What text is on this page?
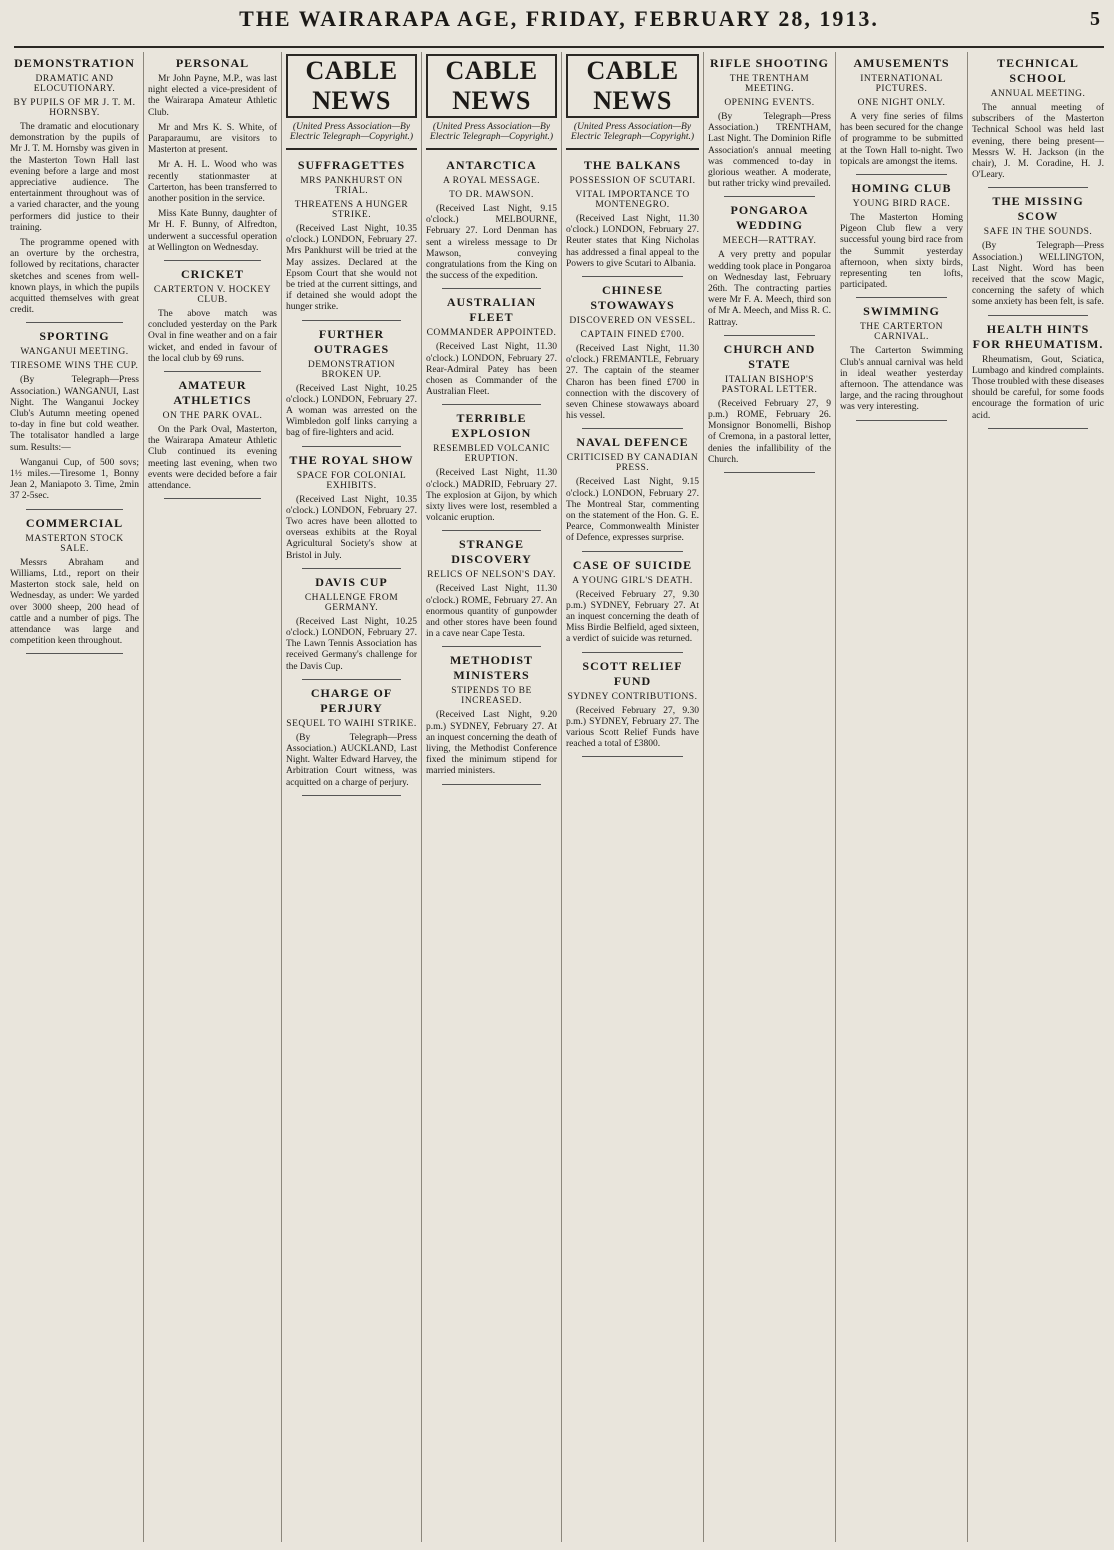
THE WAIRARAPA AGE, FRIDAY, FEBRUARY 28, 1913.	5
DEMONSTRATION
DRAMATIC AND ELOCUTIONARY.
BY PUPILS OF MR J. T. M. HORNSBY.

The dramatic and elocutionary demonstration by the pupils of Mr J. T. M. Hornsby was given in the Masterton Town Hall last evening before a large and most appreciative audience. The entertainment throughout was of a varied character, and the young performers did justice to their training.

The programme opened with an overture by the orchestra, followed by recitations, character sketches and scenes from well-known plays, in which the pupils acquitted themselves with great credit.

SPORTING
WANGANUI MEETING.
TIRESOME WINS THE CUP.

(By Telegraph—Press Association.) WANGANUI, Last Night. The Wanganui Jockey Club's Autumn meeting opened to-day in fine but cold weather. The totalisator handled a large sum. Results:—

Wanganui Cup, of 500 sovs; 1½ miles.—Tiresome 1, Bonny Jean 2, Maniapoto 3. Time, 2min 37 2-5sec.

COMMERCIAL
MASTERTON STOCK SALE.

Messrs Abraham and Williams, Ltd., report on their Masterton stock sale, held on Wednesday, as under: We yarded over 3000 sheep, 200 head of cattle and a number of pigs. The attendance was large and competition keen throughout.

PERSONAL

Mr John Payne, M.P., was last night elected a vice-president of the Wairarapa Amateur Athletic Club.

Mr and Mrs K. S. White, of Paraparaumu, are visitors to Masterton at present.

Mr A. H. L. Wood who was recently stationmaster at Carterton, has been transferred to another position in the service.

Miss Kate Bunny, daughter of Mr H. F. Bunny, of Alfredton, underwent a successful operation at Wellington on Wednesday.

CRICKET
CARTERTON V. HOCKEY CLUB.

The above match was concluded yesterday on the Park Oval in fine weather and on a fair wicket, and ended in favour of the local club by 69 runs.

AMATEUR ATHLETICS
ON THE PARK OVAL.

On the Park Oval, Masterton, the Wairarapa Amateur Athletic Club continued its evening meeting last evening, when two events were decided before a fair attendance.

CABLE NEWS
(United Press Association—By Electric Telegraph—Copyright.)
SUFFRAGETTES
MRS PANKHURST ON TRIAL.
THREATENS A HUNGER STRIKE.

(Received Last Night, 10.35 o'clock.) LONDON, February 27. Mrs Pankhurst will be tried at the May assizes. Declared at the Epsom Court that she would not be tried at the current sittings, and if detained she would adopt the hunger strike.

FURTHER OUTRAGES
DEMONSTRATION BROKEN UP.

(Received Last Night, 10.25 o'clock.) LONDON, February 27. A woman was arrested on the Wimbledon golf links carrying a bag of fire-lighters and acid.

THE ROYAL SHOW
SPACE FOR COLONIAL EXHIBITS.

(Received Last Night, 10.35 o'clock.) LONDON, February 27. Two acres have been allotted to overseas exhibits at the Royal Agricultural Society's show at Bristol in July.

DAVIS CUP
CHALLENGE FROM GERMANY.

(Received Last Night, 10.25 o'clock.) LONDON, February 27. The Lawn Tennis Association has received Germany's challenge for the Davis Cup.

CHARGE OF PERJURY
SEQUEL TO WAIHI STRIKE.

(By Telegraph—Press Association.) AUCKLAND, Last Night. Walter Edward Harvey, the Arbitration Court witness, was acquitted on a charge of perjury.

CABLE NEWS
(United Press Association—By Electric Telegraph—Copyright.)
ANTARCTICA
A ROYAL MESSAGE.
TO DR. MAWSON.

(Received Last Night, 9.15 o'clock.) MELBOURNE, February 27. Lord Denman has sent a wireless message to Dr Mawson, conveying congratulations from the King on the success of the expedition.

AUSTRALIAN FLEET
COMMANDER APPOINTED.

(Received Last Night, 11.30 o'clock.) LONDON, February 27. Rear-Admiral Patey has been chosen as Commander of the Australian Fleet.

TERRIBLE EXPLOSION
RESEMBLED VOLCANIC ERUPTION.

(Received Last Night, 11.30 o'clock.) MADRID, February 27. The explosion at Gijon, by which sixty lives were lost, resembled a volcanic eruption.

STRANGE DISCOVERY
RELICS OF NELSON'S DAY.

(Received Last Night, 11.30 o'clock.) ROME, February 27. An enormous quantity of gunpowder and other stores have been found in a cave near Cape Testa.

METHODIST MINISTERS
STIPENDS TO BE INCREASED.

(Received Last Night, 9.20 p.m.) SYDNEY, February 27. At an inquest concerning the death of living, the Methodist Conference fixed the minimum stipend for married ministers.

CABLE NEWS
(United Press Association—By Electric Telegraph—Copyright.)
THE BALKANS
POSSESSION OF SCUTARI.
VITAL IMPORTANCE TO MONTENEGRO.

(Received Last Night, 11.30 o'clock.) LONDON, February 27. Reuter states that King Nicholas has addressed a final appeal to the Powers to give Scutari to Albania.

CHINESE STOWAWAYS
DISCOVERED ON VESSEL.
CAPTAIN FINED £700.

(Received Last Night, 11.30 o'clock.) FREMANTLE, February 27. The captain of the steamer Charon has been fined £700 in connection with the discovery of seven Chinese stowaways aboard his vessel.

NAVAL DEFENCE
CRITICISED BY CANADIAN PRESS.

(Received Last Night, 9.15 o'clock.) LONDON, February 27. The Montreal Star, commenting on the statement of the Hon. G. E. Pearce, Commonwealth Minister of Defence, expresses surprise.

CASE OF SUICIDE
A YOUNG GIRL'S DEATH.

(Received February 27, 9.30 p.m.) SYDNEY, February 27. At an inquest concerning the death of Miss Birdie Belfield, aged sixteen, a verdict of suicide was returned.

SCOTT RELIEF FUND
SYDNEY CONTRIBUTIONS.

(Received February 27, 9.30 p.m.) SYDNEY, February 27. The various Scott Relief Funds have reached a total of £3800.

RIFLE SHOOTING
THE TRENTHAM MEETING.
OPENING EVENTS.

(By Telegraph—Press Association.) TRENTHAM, Last Night. The Dominion Rifle Association's annual meeting was commenced to-day in glorious weather. A moderate, but rather tricky wind prevailed.

PONGAROA WEDDING
MEECH—RATTRAY.

A very pretty and popular wedding took place in Pongaroa on Wednesday last, February 26th. The contracting parties were Mr F. A. Meech, third son of Mr A. Meech, and Miss R. C. Rattray.

CHURCH AND STATE
ITALIAN BISHOP'S PASTORAL LETTER.

(Received February 27, 9 p.m.) ROME, February 26. Monsignor Bonomelli, Bishop of Cremona, in a pastoral letter, denies the infallibility of the Church.

AMUSEMENTS
INTERNATIONAL PICTURES.
ONE NIGHT ONLY.

A very fine series of films has been secured for the change of programme to be submitted at the Town Hall to-night. Two topicals are amongst the items.

HOMING CLUB
YOUNG BIRD RACE.

The Masterton Homing Pigeon Club flew a very successful young bird race from the Summit yesterday afternoon, when sixty birds, representing ten lofts, participated.

SWIMMING
THE CARTERTON CARNIVAL.

The Carterton Swimming Club's annual carnival was held in ideal weather yesterday afternoon. The attendance was large, and the racing throughout was very interesting.

TECHNICAL SCHOOL
ANNUAL MEETING.

The annual meeting of subscribers of the Masterton Technical School was held last evening, there being present—Messrs W. H. Jackson (in the chair), J. M. Coradine, H. J. O'Leary.

THE MISSING SCOW
SAFE IN THE SOUNDS.

(By Telegraph—Press Association.) WELLINGTON, Last Night. Word has been received that the scow Magic, concerning the safety of which some anxiety has been felt, is safe.

HEALTH HINTS FOR RHEUMATISM.

Rheumatism, Gout, Sciatica, Lumbago and kindred complaints. Those troubled with these diseases should be careful, for some foods encourage the formation of uric acid.
